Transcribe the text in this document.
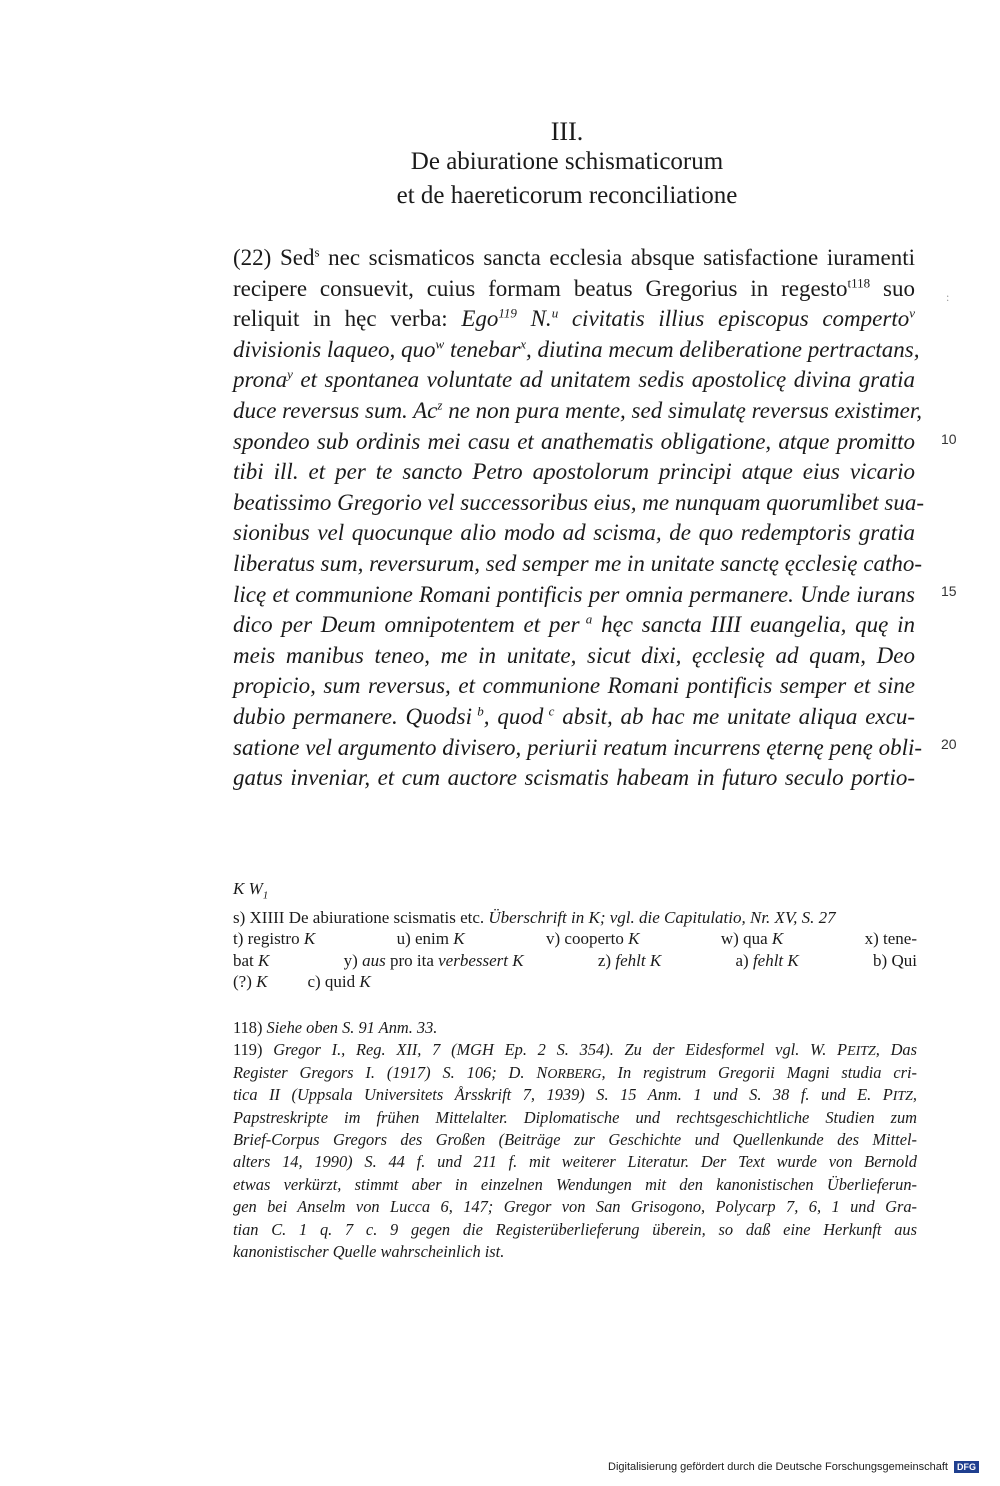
III.
De abiuratione schismaticorum
et de haereticorum reconciliatione
:
(22) Sed$^s$ nec scismaticos sancta ecclesia absque satisfactione iuramenti
recipere consuevit, cuius formam beatus Gregorius in regesto$^{t118}$ suo
reliquit in hęc verba: Ego$^{119}$ N.$^u$ civitatis illius episcopus comperto$^v$
divisionis laqueo, quo$^w$ tenebar$^x$, diutina mecum deliberatione pertractans,
prona$^y$ et spontanea voluntate ad unitatem sedis apostolicę divina gratia
duce reversus sum. Ac$^z$ ne non pura mente, sed simulatę reversus existimer,
spondeo sub ordinis mei casu et anathematis obligatione, atque promitto
tibi ill. et per te sancto Petro apostolorum principi atque eius vicario
beatissimo Gregorio vel successoribus eius, me nunquam quorumlibet sua-
sionibus vel quocunque alio modo ad scisma, de quo redemptoris gratia
liberatus sum, reversurum, sed semper me in unitate sanctę ęcclesię catho-
licę et communione Romani pontificis per omnia permanere. Unde iurans
dico per Deum omnipotentem et per $^a$ hęc sancta IIII euangelia, quę in
meis manibus teneo, me in unitate, sicut dixi, ęcclesię ad quam, Deo
propicio, sum reversus, et communione Romani pontificis semper et sine
dubio permanere. Quodsi $^b$, quod $^c$ absit, ab hac me unitate aliqua excu-
satione vel argumento divisero, periurii reatum incurrens ęternę penę obli-
gatus inveniar, et cum auctore scismatis habeam in futuro seculo portio-
10
15
20
K $W_1$
s) XIIII De abiuratione scismatis etc. Überschrift in K; vgl. die Capitulatio, Nr. XV, S. 27
t) registro K	u) enim K	v) cooperto K	w) qua K	x) tene-
bat K	y) aus pro ita verbessert K	z) fehlt K	a) fehlt K	b) Qui
(?) K c) quid K
118) Siehe oben S. 91 Anm. 33.
119) Gregor I., Reg. XII, 7 (MGH Ep. 2 S. 354). Zu der Eidesformel vgl. W. PEITZ, Das
Register Gregors I. (1917) S. 106; D. NORBERG, In registrum Gregorii Magni studia cri-
tica II (Uppsala Universitets Årsskrift 7, 1939) S. 15 Anm. 1 und S. 38 f. und E. PITZ,
Papstreskripte im frühen Mittelalter. Diplomatische und rechtsgeschichtliche Studien zum
Brief-Corpus Gregors des Großen (Beiträge zur Geschichte und Quellenkunde des Mittel-
alters 14, 1990) S. 44 f. und 211 f. mit weiterer Literatur. Der Text wurde von Bernold
etwas verkürzt, stimmt aber in einzelnen Wendungen mit den kanonistischen Überlieferun-
gen bei Anselm von Lucca 6, 147; Gregor von San Grisogono, Polycarp 7, 6, 1 und Gra-
tian C. 1 q. 7 c. 9 gegen die Registerüberlieferung überein, so daß eine Herkunft aus
kanonistischer Quelle wahrscheinlich ist.
Digitalisierung gefördert durch die Deutsche Forschungsgemeinschaft DFG
